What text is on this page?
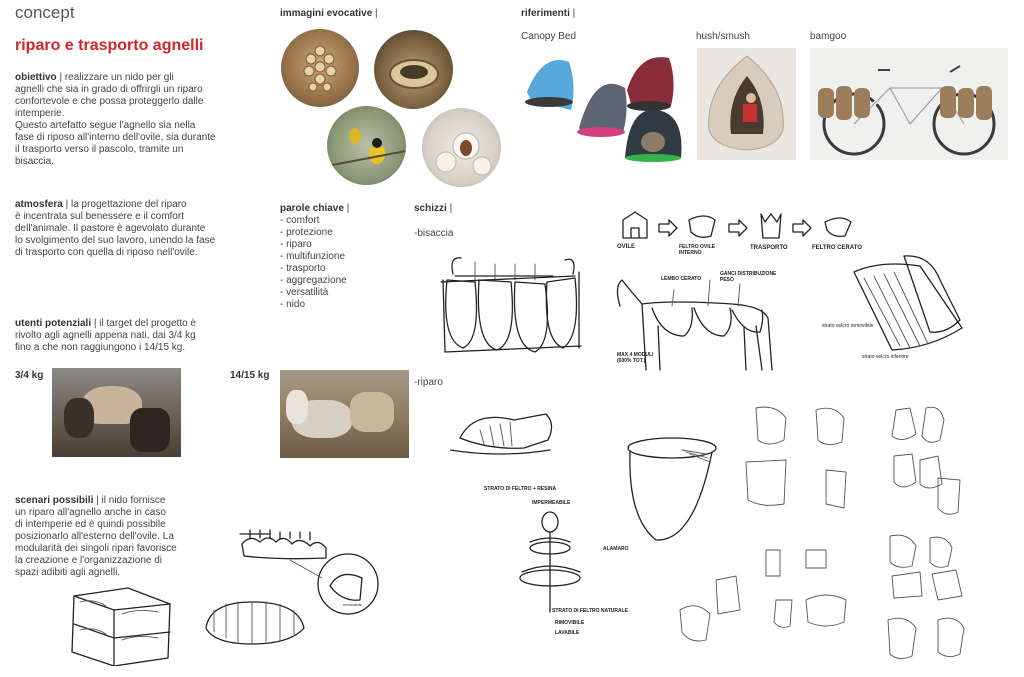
concept
riparo e trasporto agnelli
obiettivo | realizzare un nido per gli
agnelli che sia in grado di offrirgli un riparo
confortevole e che possa proteggerlo dalle
intemperie.
Questo artefatto segue l'agnello sia nella
fase di riposo all'interno dell'ovile, sia durante
il trasporto verso il pascolo, tramite un
bisaccia.
atmosfera | la progettazione del riparo
è incentrata sul benessere e il comfort
dell'animale. Il pastore è agevolato durante
lo svolgimento del suo lavoro, unendo la fase
di trasporto con quella di riposo nell'ovile.
utenti potenziali | il target del progetto è
rivolto agli agnelli appena nati, dai 3/4 kg
fino a che non raggiungono i 14/15 kg.
3/4 kg	14/15 kg
scenari possibili | il nido fornisce
un riparo all'agnello anche in caso
di intemperie ed è quindi possibile
posizionarlo all'esterno dell'ovile. La
modularità dei singoli ripari favorisce
la creazione e l'organizzazione di
spazi adibiti agli agnelli.
immagini evocative |
parole chiave |
- comfort
- protezione
- riparo
- multifunzione
- trasporto
- aggregazione
- versatilità
- nido
schizzi |
-bisaccia
-riparo
riferimenti |
Canopy Bed	hush/smush	bamgoo
OVILE	FELTRO OVILE INTERNO
TRASPORTO	FELTRO CERATO
LEMBO CERATO
GANCI DISTRIBUZIONE PESO
MAX 4 MODULI (600% TOT.)
strato velcro removibile
strato velcro inferiore
STRATO DI FELTRO + RESINA
IMPERMEABILE
ALAMARO
STRATO DI FELTRO NATURALE
RIMOVIBILE
LAVABILE
removable
